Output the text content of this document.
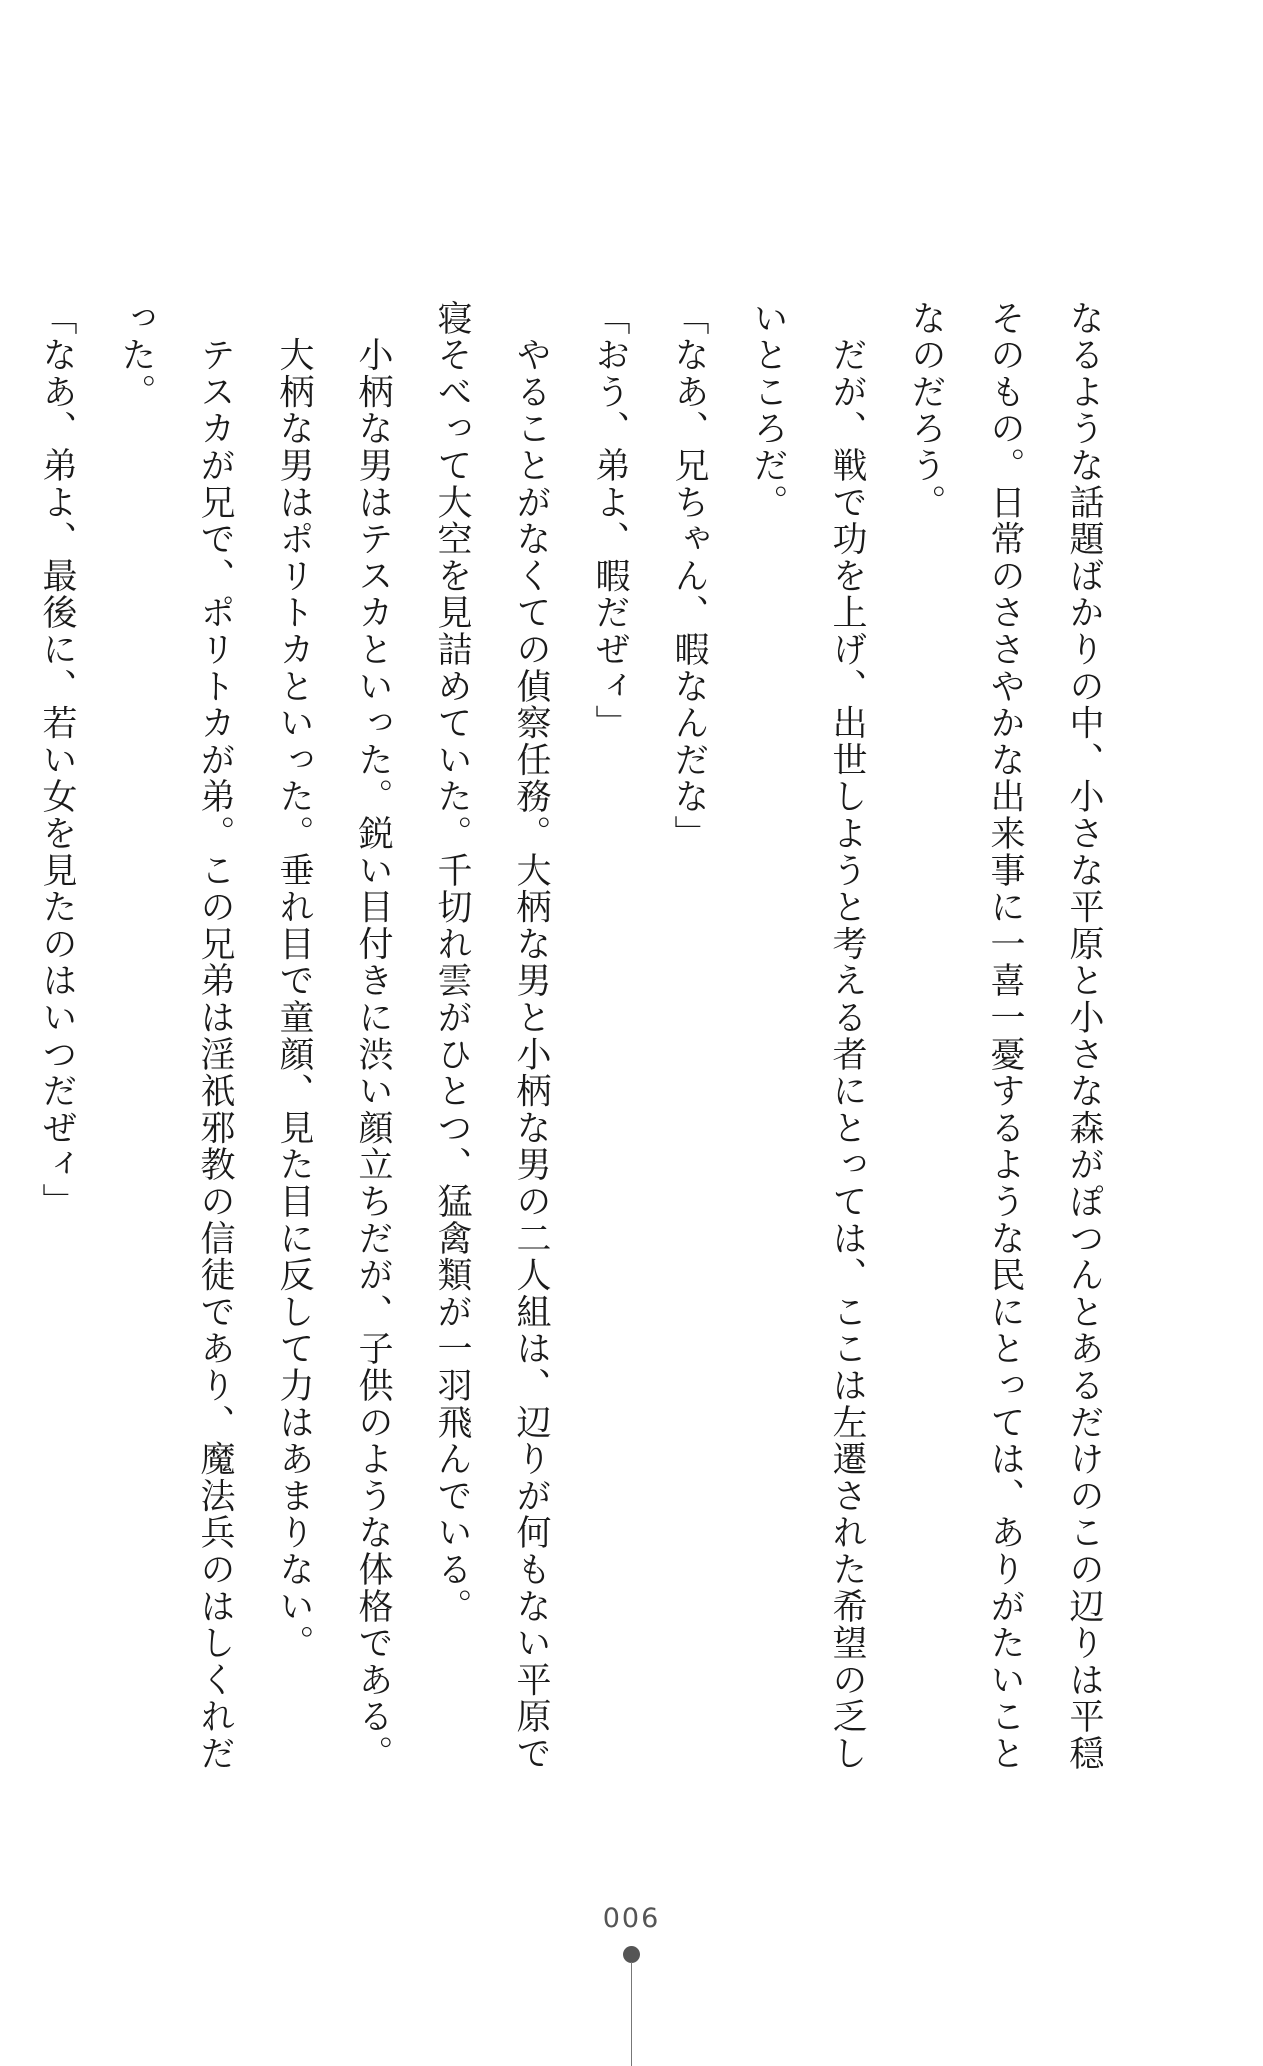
なるような話題ばかりの中、小さな平原と小さな森がぽつんとあるだけのこの辺りは平穏
そのもの。日常のささやかな出来事に一喜一憂するような民にとっては、ありがたいこと
なのだろう。
　だが、戦で功を上げ、出世しようと考える者にとっては、ここは左遷された希望の乏し
いところだ。
「なあ、兄ちゃん、暇なんだな」
「おう、弟よ、暇だぜィ」
　やることがなくての偵察任務。大柄な男と小柄な男の二人組は、辺りが何もない平原で
寝そべって大空を見詰めていた。千切れ雲がひとつ、猛禽類が一羽飛んでいる。
　小柄な男はテスカといった。鋭い目付きに渋い顔立ちだが、子供のような体格である。
　大柄な男はポリトカといった。垂れ目で童顔、見た目に反して力はあまりない。
　テスカが兄で、ポリトカが弟。この兄弟は淫祇邪教の信徒であり、魔法兵のはしくれだ
った。
「なあ、弟よ、最後に、若い女を見たのはいつだぜィ」
006
